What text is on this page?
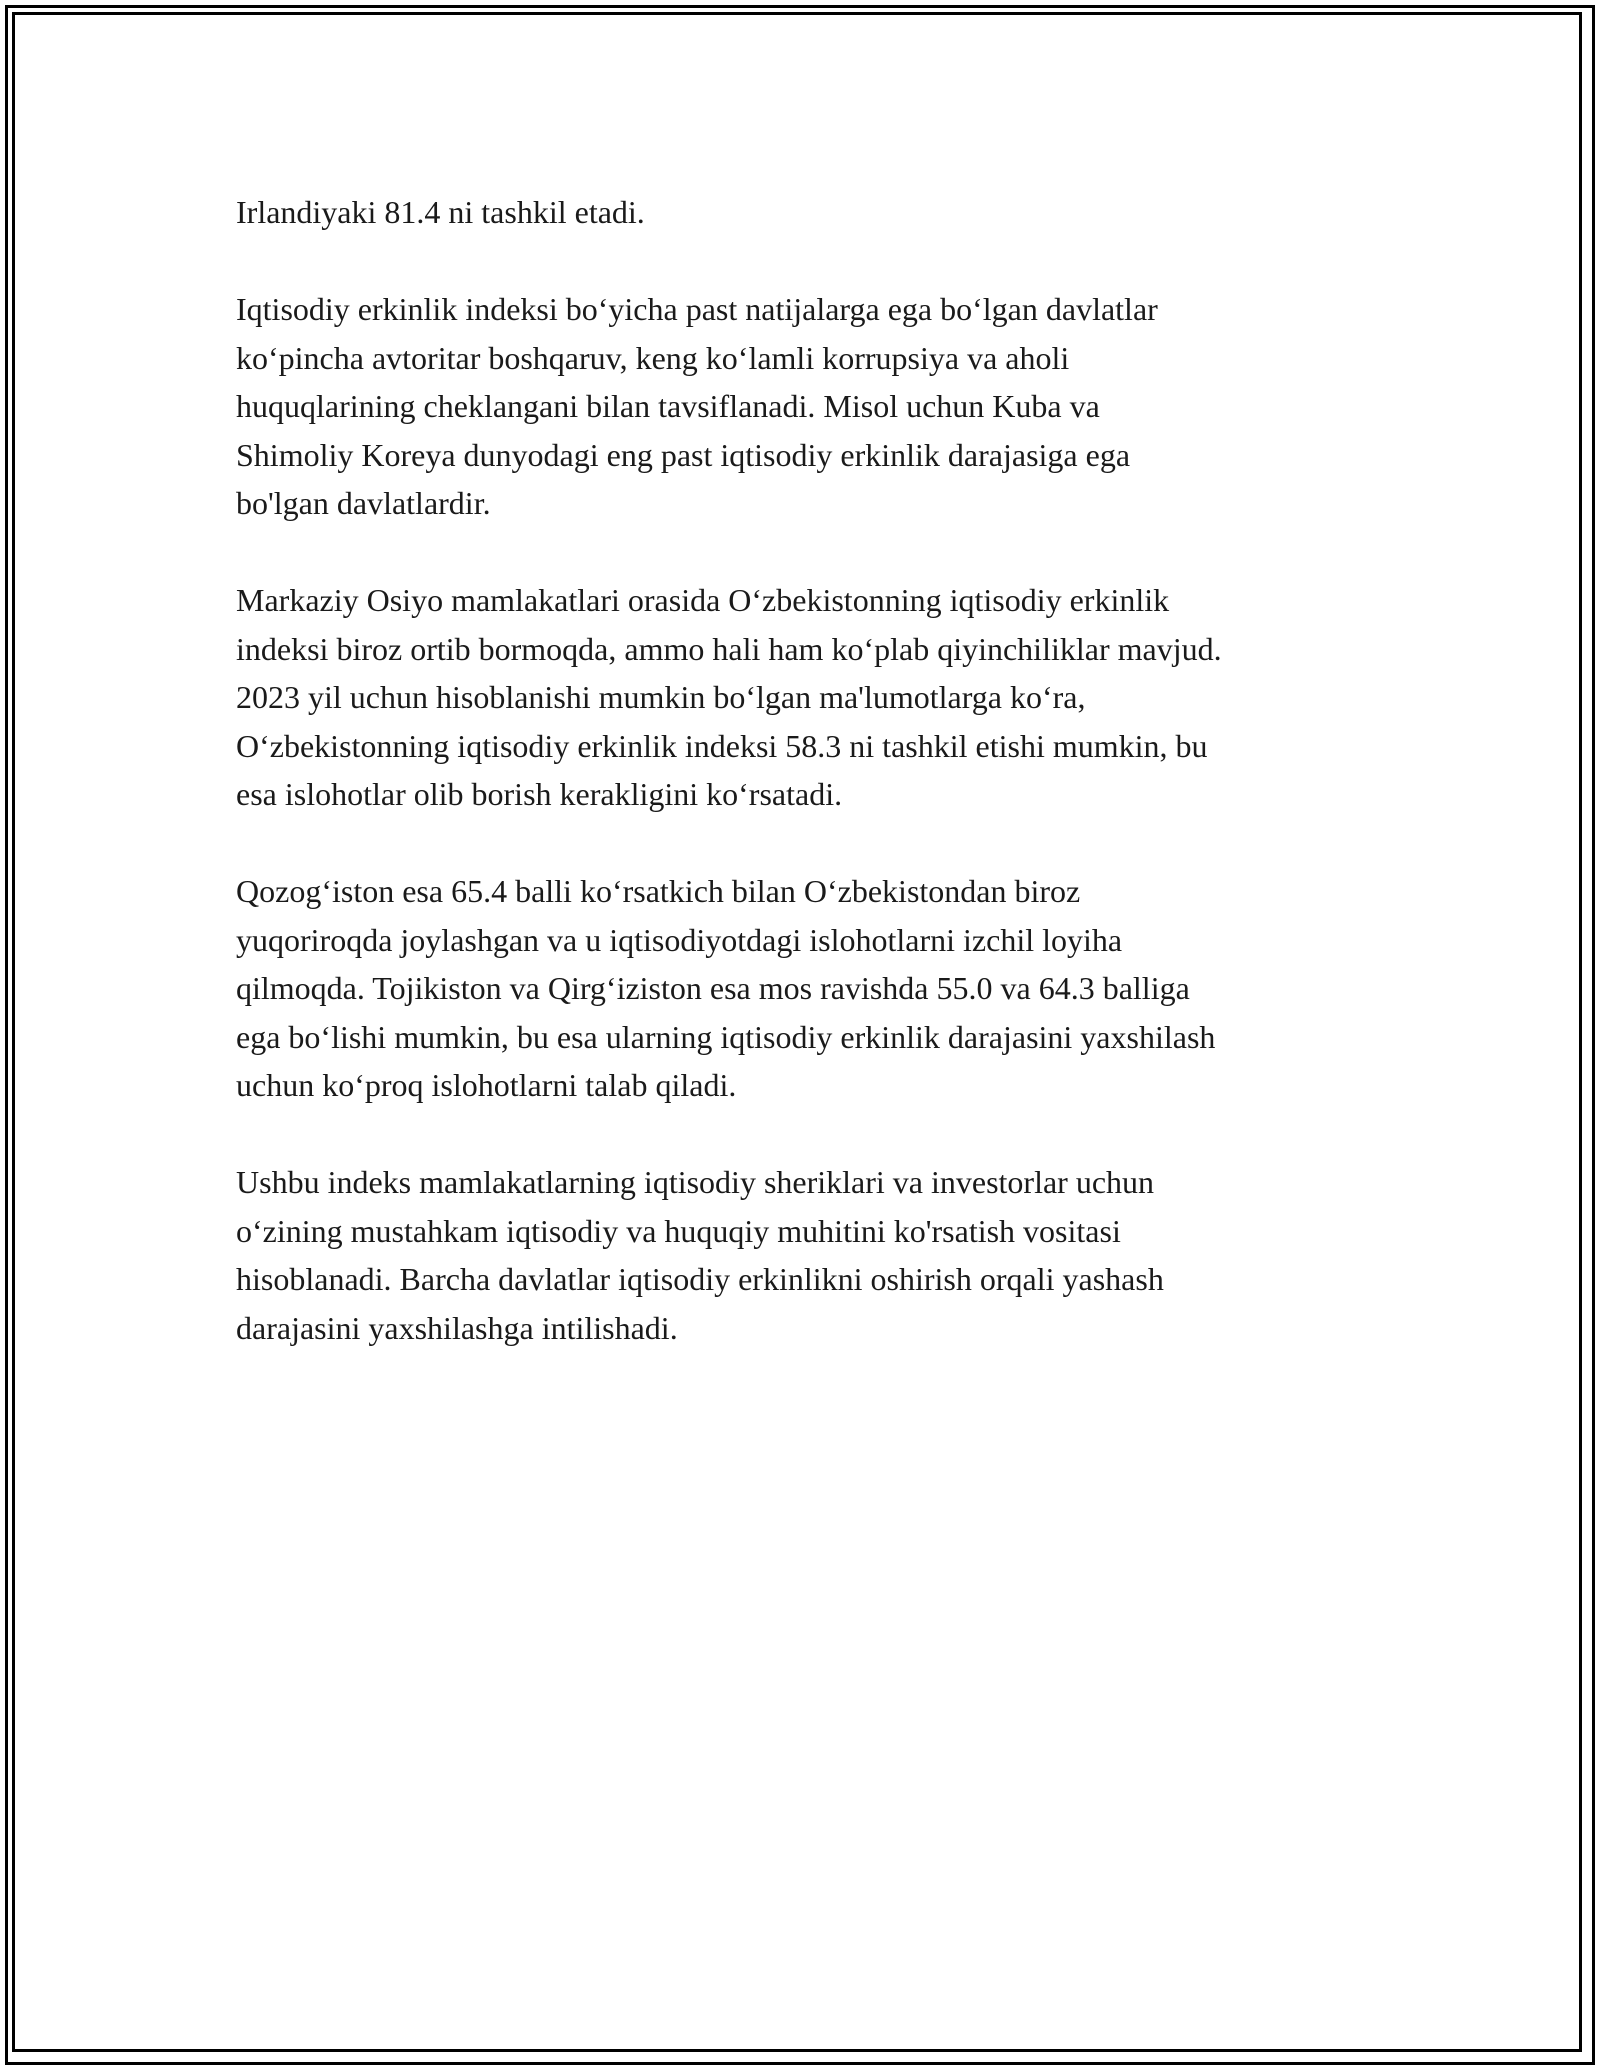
Irlandiyaki 81.4 ni tashkil etadi.

Iqtisodiy erkinlik indeksi bo‘yicha past natijalarga ega bo‘lgan davlatlar
ko‘pincha avtoritar boshqaruv, keng ko‘lamli korrupsiya va aholi
huquqlarining cheklangani bilan tavsiflanadi. Misol uchun Kuba va
Shimoliy Koreya dunyodagi eng past iqtisodiy erkinlik darajasiga ega
bo'lgan davlatlardir.

Markaziy Osiyo mamlakatlari orasida O‘zbekistonning iqtisodiy erkinlik
indeksi biroz ortib bormoqda, ammo hali ham ko‘plab qiyinchiliklar mavjud.
2023 yil uchun hisoblanishi mumkin bo‘lgan ma'lumotlarga ko‘ra,
O‘zbekistonning iqtisodiy erkinlik indeksi 58.3 ni tashkil etishi mumkin, bu
esa islohotlar olib borish kerakligini ko‘rsatadi.

Qozog‘iston esa 65.4 balli ko‘rsatkich bilan O‘zbekistondan biroz
yuqoriroqda joylashgan va u iqtisodiyotdagi islohotlarni izchil loyiha
qilmoqda. Tojikiston va Qirg‘iziston esa mos ravishda 55.0 va 64.3 balliga
ega bo‘lishi mumkin, bu esa ularning iqtisodiy erkinlik darajasini yaxshilash
uchun ko‘proq islohotlarni talab qiladi.

Ushbu indeks mamlakatlarning iqtisodiy sheriklari va investorlar uchun
o‘zining mustahkam iqtisodiy va huquqiy muhitini ko'rsatish vositasi
hisoblanadi. Barcha davlatlar iqtisodiy erkinlikni oshirish orqali yashash
darajasini yaxshilashga intilishadi.
